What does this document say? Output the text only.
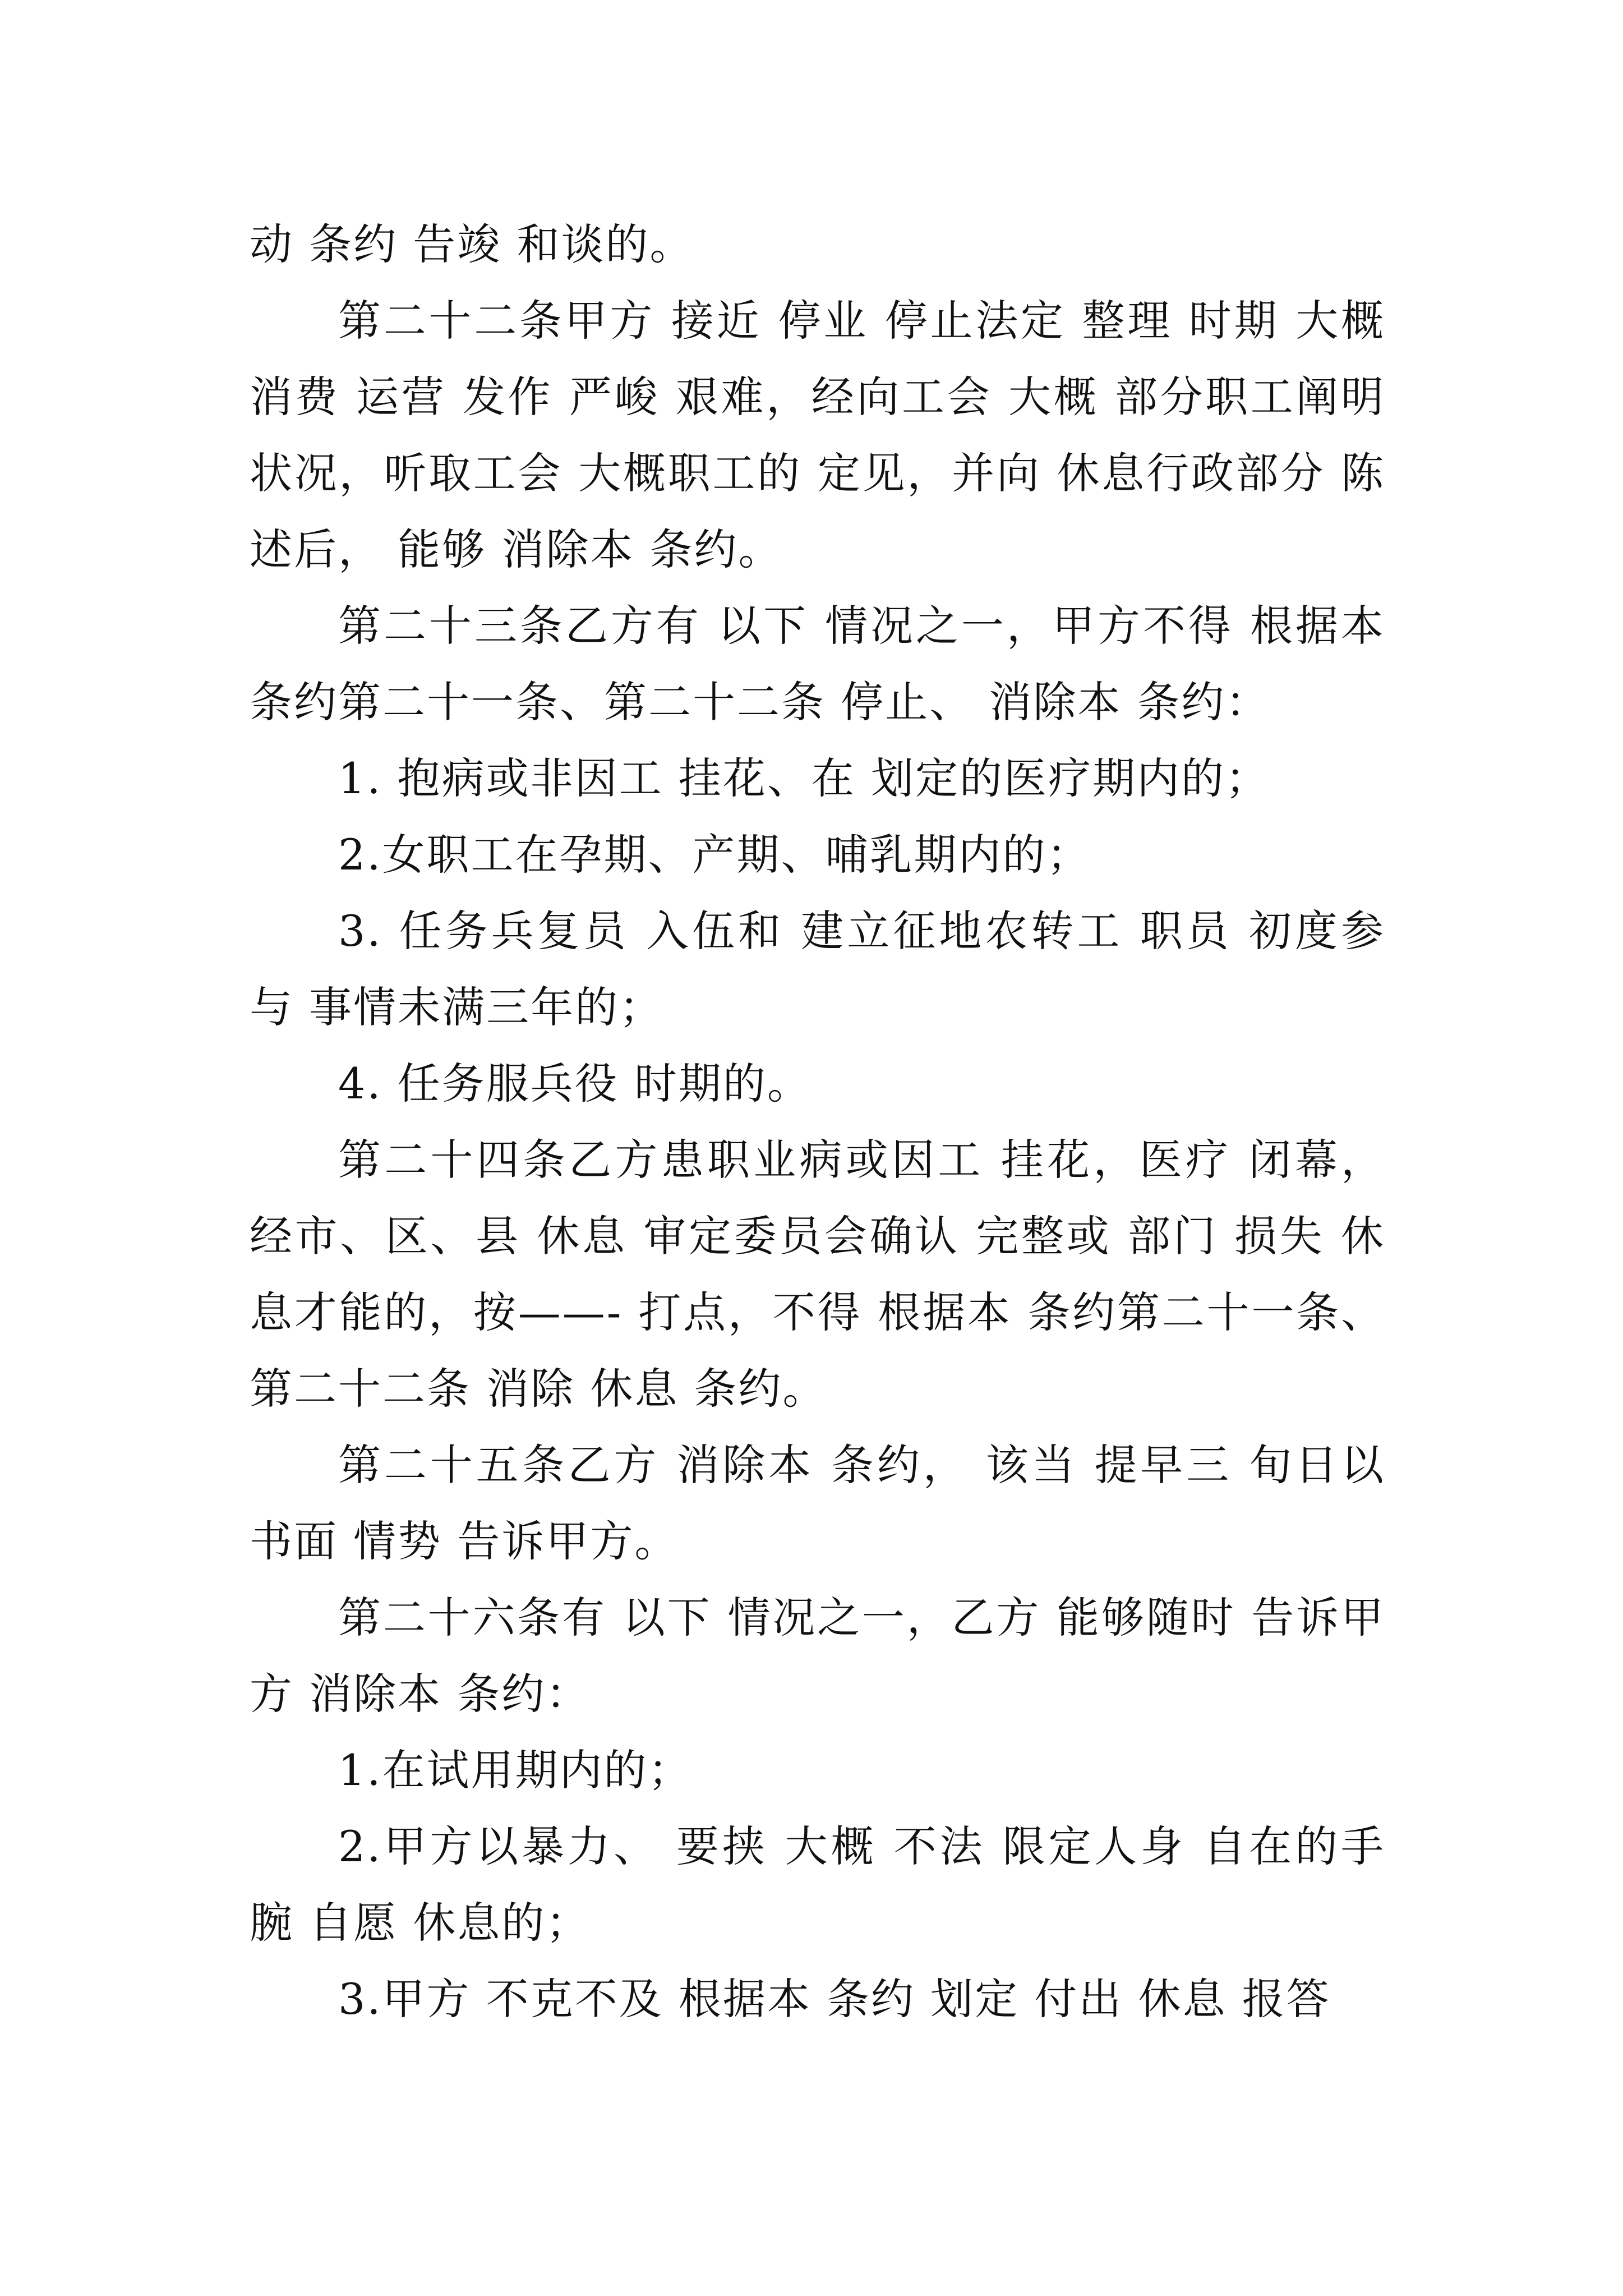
动 条约 告竣 和谈的。

第二十二条甲方 接近 停业 停止法定 整理 时期 大概 消费 运营 发作 严峻 艰难，经向工会 大概 部分职工阐明 状况，听取工会 大概职工的 定见，并向 休息行政部分 陈述后， 能够 消除本 条约。

第二十三条乙方有 以下 情况之一，甲方不得 根据本条约第二十一条、第二十二条 停止、 消除本 条约：

1. 抱病或非因工 挂花、在 划定的医疗期内的；

2.女职工在孕期、产期、哺乳期内的；

3. 任务兵复员 入伍和 建立征地农转工 职员 初度参与 事情未满三年的；

4. 任务服兵役 时期的。

第二十四条乙方患职业病或因工 挂花，医疗 闭幕，经市、区、县 休息 审定委员会确认 完整或 部门 损失 休息才能的，按——- 打点，不得 根据本 条约第二十一条、第二十二条 消除 休息 条约。

第二十五条乙方 消除本 条约， 该当 提早三 旬日以书面 情势 告诉甲方。

第二十六条有 以下 情况之一，乙方 能够随时 告诉甲方 消除本 条约：

1.在试用期内的；

2.甲方以暴力、 要挟 大概 不法 限定人身 自在的手腕 自愿 休息的；

3.甲方 不克不及 根据本 条约 划定 付出 休息 报答
